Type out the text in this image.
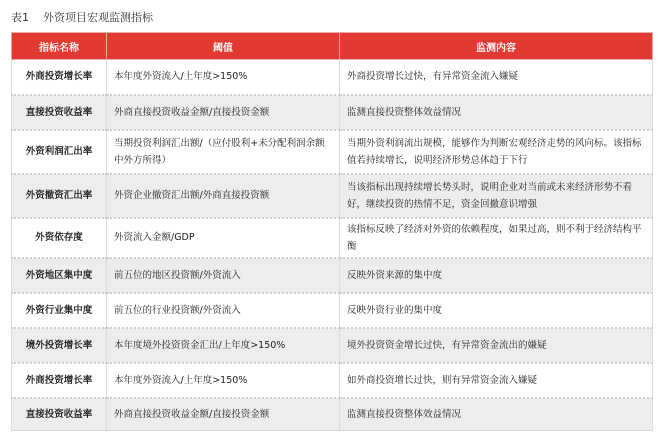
表1 外资项目宏观监测指标
指标名称	阈值	监测内容
外商投资增长率	本年度外资流入/上年度>150%	外商投资增长过快，有异常资金流入嫌疑
直接投资收益率	外商直接投资收益金额/直接投资金额	监测直接投资整体效益情况
外资利润汇出率	当期投资利润汇出额/（应付股利+未分配利润余额中外方所得）	当期外资利润流出规模，能够作为判断宏观经济走势的风向标。该指标值若持续增长，说明经济形势总体趋于下行
外资撤资汇出率	外资企业撤资汇出额/外商直接投资额	当该指标出现持续增长势头时，说明企业对当前或未来经济形势不看好，继续投资的热情不足，资金回撤意识增强
外资依存度	外资流入金额/GDP	该指标反映了经济对外资的依赖程度，如果过高，则不利于经济结构平衡
外资地区集中度	前五位的地区投资额/外资流入	反映外资来源的集中度
外资行业集中度	前五位的行业投资额/外资流入	反映外资行业的集中度
境外投资增长率	本年度境外投资资金汇出/上年度>150%	境外投资资金增长过快，有异常资金流出的嫌疑
外商投资增长率	本年度外资流入/上年度>150%	如外商投资增长过快，则有异常资金流入嫌疑
直接投资收益率	外商直接投资收益金额/直接投资金额	监测直接投资整体效益情况
